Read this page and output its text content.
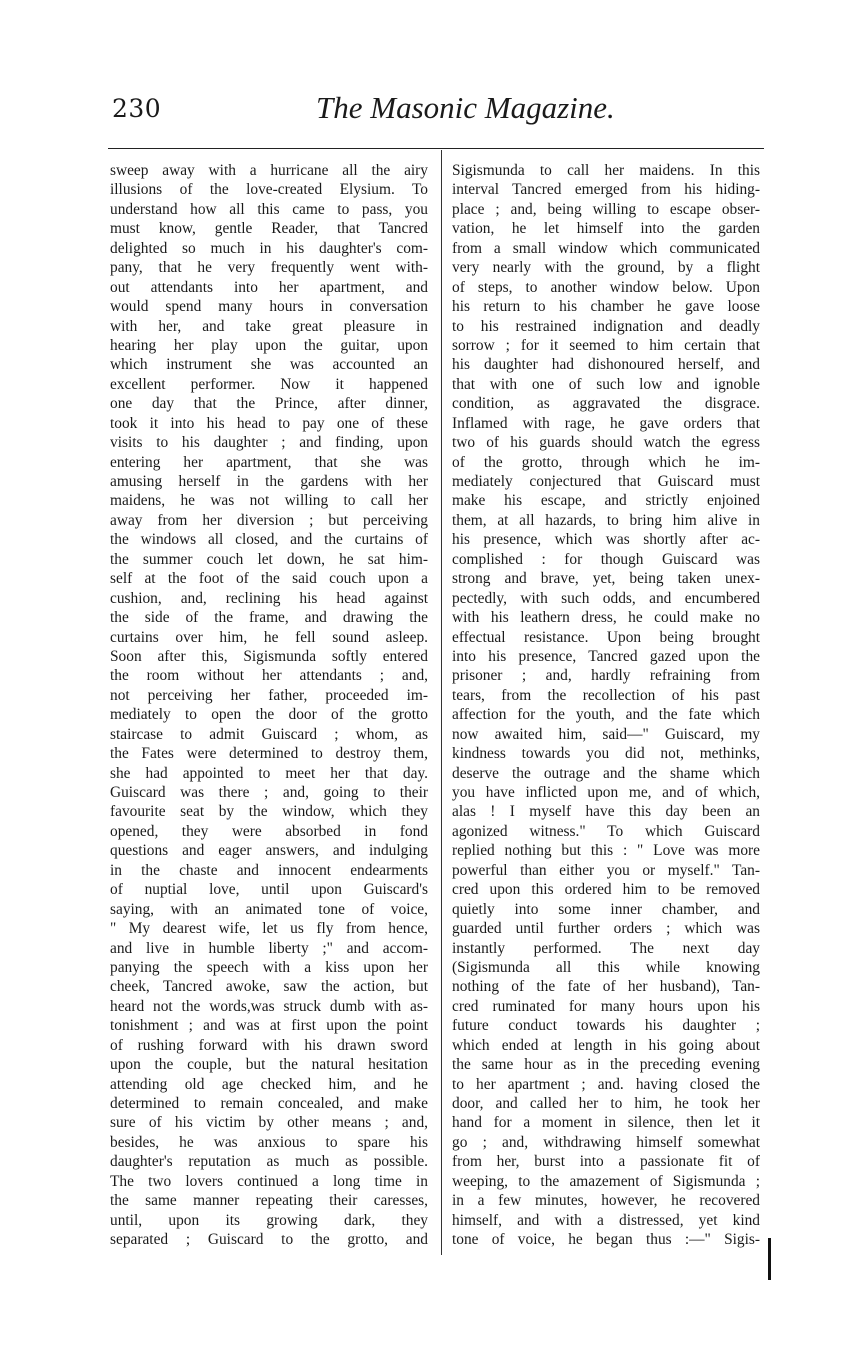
230	The Masonic Magazine.
sweep away with a hurricane all the airy
illusions of the love-created Elysium. To
understand how all this came to pass, you
must know, gentle Reader, that Tancred
delighted so much in his daughter's com-
pany, that he very frequently went with-
out attendants into her apartment, and
would spend many hours in conversation
with her, and take great pleasure in
hearing her play upon the guitar, upon
which instrument she was accounted an
excellent performer. Now it happened
one day that the Prince, after dinner,
took it into his head to pay one of these
visits to his daughter ; and finding, upon
entering her apartment, that she was
amusing herself in the gardens with her
maidens, he was not willing to call her
away from her diversion ; but perceiving
the windows all closed, and the curtains of
the summer couch let down, he sat him-
self at the foot of the said couch upon a
cushion, and, reclining his head against
the side of the frame, and drawing the
curtains over him, he fell sound asleep.
Soon after this, Sigismunda softly entered
the room without her attendants ; and,
not perceiving her father, proceeded im-
mediately to open the door of the grotto
staircase to admit Guiscard ; whom, as
the Fates were determined to destroy them,
she had appointed to meet her that day.
Guiscard was there ; and, going to their
favourite seat by the window, which they
opened, they were absorbed in fond
questions and eager answers, and indulging
in the chaste and innocent endearments
of nuptial love, until upon Guiscard's
saying, with an animated tone of voice,
" My dearest wife, let us fly from hence,
and live in humble liberty ;" and accom-
panying the speech with a kiss upon her
cheek, Tancred awoke, saw the action, but
heard not the words,was struck dumb with as-
tonishment ; and was at first upon the point
of rushing forward with his drawn sword
upon the couple, but the natural hesitation
attending old age checked him, and he
determined to remain concealed, and make
sure of his victim by other means ; and,
besides, he was anxious to spare his
daughter's reputation as much as possible.
The two lovers continued a long time in
the same manner repeating their caresses,
until, upon its growing dark, they
separated ; Guiscard to the grotto, and
Sigismunda to call her maidens. In this
interval Tancred emerged from his hiding-
place ; and, being willing to escape obser-
vation, he let himself into the garden
from a small window which communicated
very nearly with the ground, by a flight
of steps, to another window below. Upon
his return to his chamber he gave loose
to his restrained indignation and deadly
sorrow ; for it seemed to him certain that
his daughter had dishonoured herself, and
that with one of such low and ignoble
condition, as aggravated the disgrace.
Inflamed with rage, he gave orders that
two of his guards should watch the egress
of the grotto, through which he im-
mediately conjectured that Guiscard must
make his escape, and strictly enjoined
them, at all hazards, to bring him alive in
his presence, which was shortly after ac-
complished : for though Guiscard was
strong and brave, yet, being taken unex-
pectedly, with such odds, and encumbered
with his leathern dress, he could make no
effectual resistance. Upon being brought
into his presence, Tancred gazed upon the
prisoner ; and, hardly refraining from
tears, from the recollection of his past
affection for the youth, and the fate which
now awaited him, said—" Guiscard, my
kindness towards you did not, methinks,
deserve the outrage and the shame which
you have inflicted upon me, and of which,
alas ! I myself have this day been an
agonized witness." To which Guiscard
replied nothing but this : " Love was more
powerful than either you or myself." Tan-
cred upon this ordered him to be removed
quietly into some inner chamber, and
guarded until further orders ; which was
instantly performed. The next day
(Sigismunda all this while knowing
nothing of the fate of her husband), Tan-
cred ruminated for many hours upon his
future conduct towards his daughter ;
which ended at length in his going about
the same hour as in the preceding evening
to her apartment ; and. having closed the
door, and called her to him, he took her
hand for a moment in silence, then let it
go ; and, withdrawing himself somewhat
from her, burst into a passionate fit of
weeping, to the amazement of Sigismunda ;
in a few minutes, however, he recovered
himself, and with a distressed, yet kind
tone of voice, he began thus :—" Sigis-
